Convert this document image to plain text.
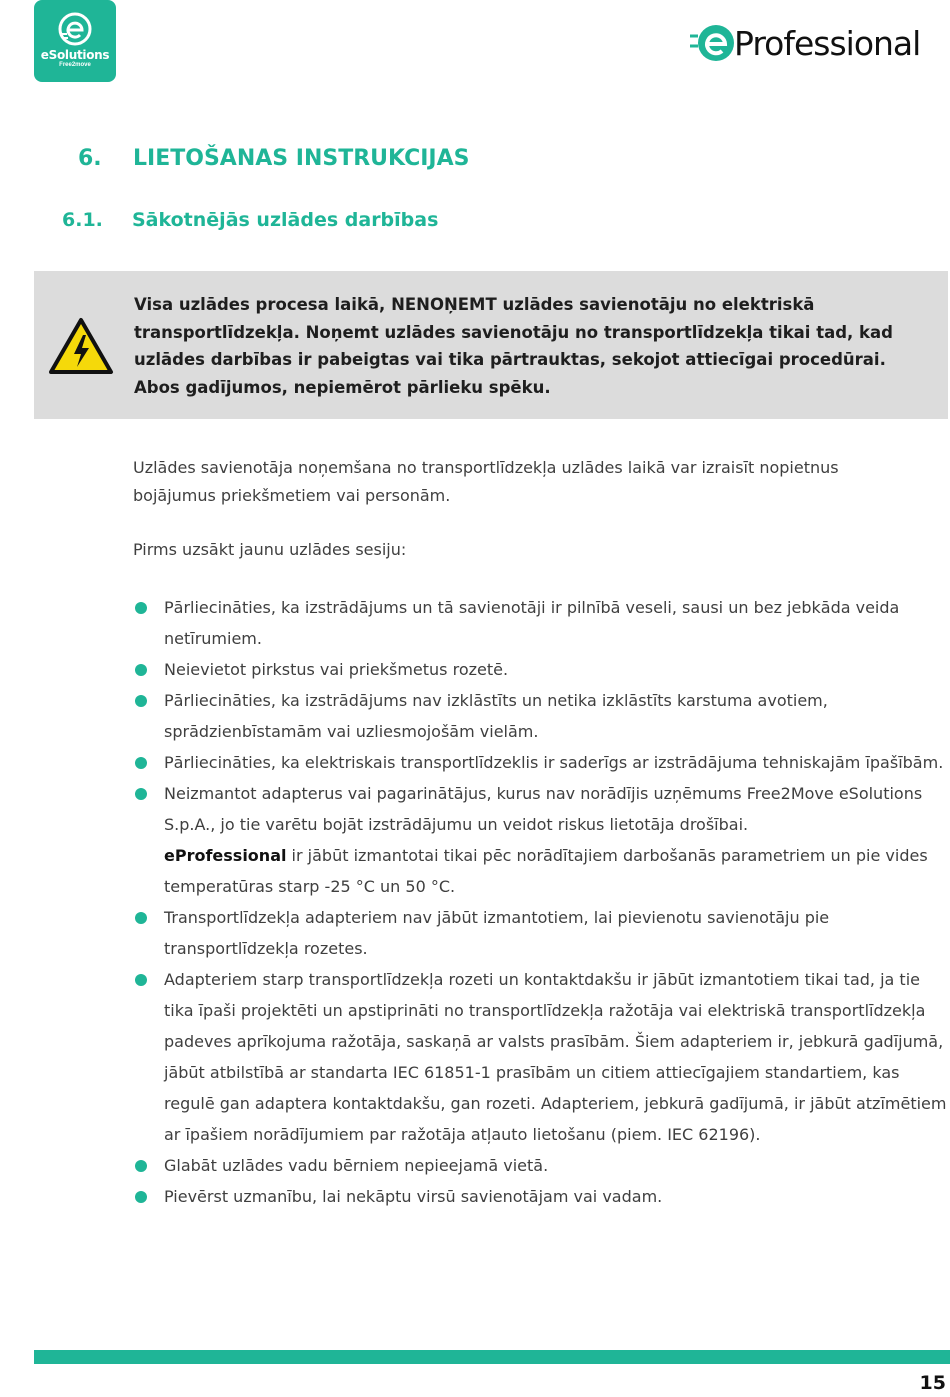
eSolutions
Free2move
Professional
6.	LIETOŠANAS INSTRUKCIJAS
6.1.	Sākotnējās uzlādes darbības
Visa uzlādes procesa laikā, NENOŅEMT uzlādes savienotāju no elektriskā transportlīdzekļa. Noņemt uzlādes savienotāju no transportlīdzekļa tikai tad, kad uzlādes darbības ir pabeigtas vai tika pārtrauktas, sekojot attiecīgai procedūrai. Abos gadījumos, nepiemērot pārlieku spēku.
Uzlādes savienotāja noņemšana no transportlīdzekļa uzlādes laikā var izraisīt nopietnus bojājumus priekšmetiem vai personām.
Pirms uzsākt jaunu uzlādes sesiju:
Pārliecināties, ka izstrādājums un tā savienotāji ir pilnībā veseli, sausi un bez jebkāda veida netīrumiem.
Neievietot pirkstus vai priekšmetus rozetē.
Pārliecināties, ka izstrādājums nav izklāstīts un netika izklāstīts karstuma avotiem, sprādzienbīstamām vai uzliesmojošām vielām.
Pārliecināties, ka elektriskais transportlīdzeklis ir saderīgs ar izstrādājuma tehniskajām īpašībām.
Neizmantot adapterus vai pagarinātājus, kurus nav norādījis uzņēmums Free2Move eSolutions S.p.A., jo tie varētu bojāt izstrādājumu un veidot riskus lietotāja drošībai.
eProfessional ir jābūt izmantotai tikai pēc norādītajiem darbošanās parametriem un pie vides temperatūras starp -25 °C un 50 °C.
Transportlīdzekļa adapteriem nav jābūt izmantotiem, lai pievienotu savienotāju pie transportlīdzekļa rozetes.
Adapteriem starp transportlīdzekļa rozeti un kontaktdakšu ir jābūt izmantotiem tikai tad, ja tie tika īpaši projektēti un apstiprināti no transportlīdzekļa ražotāja vai elektriskā transportlīdzekļa padeves aprīkojuma ražotāja, saskaņā ar valsts prasībām. Šiem adapteriem ir, jebkurā gadījumā, jābūt atbilstībā ar standarta IEC 61851-1 prasībām un citiem attiecīgajiem standartiem, kas regulē gan adaptera kontaktdakšu, gan rozeti. Adapteriem, jebkurā gadījumā, ir jābūt atzīmētiem ar īpašiem norādījumiem par ražotāja atļauto lietošanu (piem. IEC 62196).
Glabāt uzlādes vadu bērniem nepieejamā vietā.
Pievērst uzmanību, lai nekāptu virsū savienotājam vai vadam.
15
